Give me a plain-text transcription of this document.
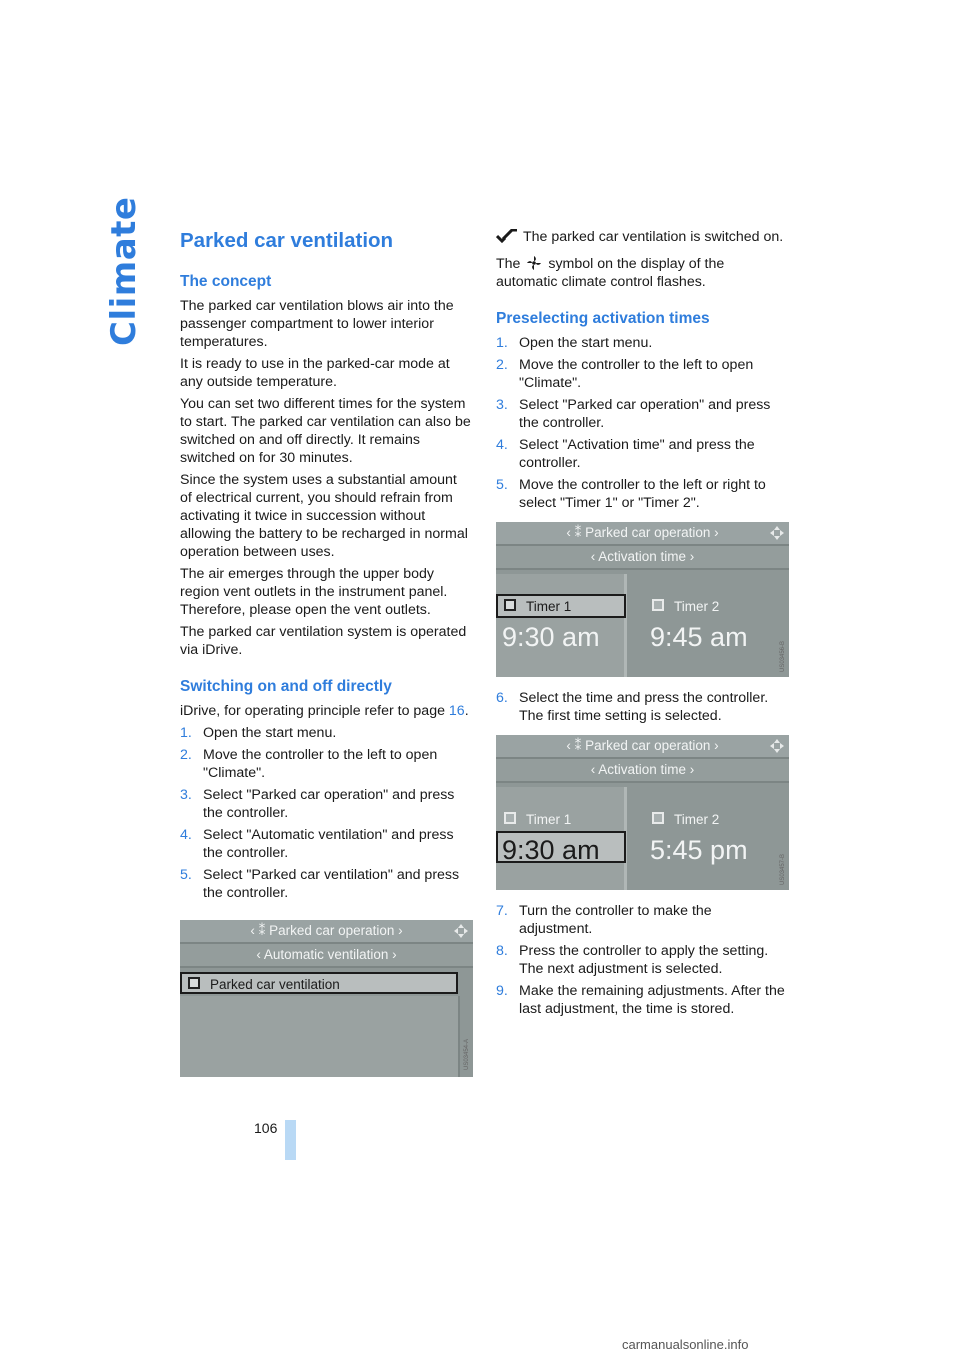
Climate Parked car ventilation
The concept

The parked car ventilation blows air into the passenger compartment to lower interior temperatures.

It is ready to use in the parked-car mode at any outside temperature.

You can set two different times for the system to start. The parked car ventilation can also be switched on and off directly. It remains switched on for 30 minutes.

Since the system uses a substantial amount of electrical current, you should refrain from activating it twice in succession without allowing the battery to be recharged in normal operation between uses.

The air emerges through the upper body region vent outlets in the instrument panel. Therefore, please open the vent outlets.

The parked car ventilation system is operated via iDrive.

Switching on and off directly

iDrive, for operating principle refer to page 16.

1. Open the start menu.
2. Move the controller to the left to open "Climate".
3. Select "Parked car operation" and press the controller.
4. Select "Automatic ventilation" and press the controller.
5. Select "Parked car ventilation" and press the controller.
‹ ⁑ Parked car operation ›
‹ Automatic ventilation ›
Parked car ventilation
US03454-A

The parked car ventilation is switched on.

The symbol on the display of the automatic climate control flashes.

Preselecting activation times
1. Open the start menu.
2. Move the controller to the left to open "Climate".
3. Select "Parked car operation" and press the controller.
4. Select "Activation time" and press the controller.
5. Move the controller to the left or right to select "Timer 1" or "Timer 2".
‹ ⁑ Parked car operation ›
‹ Activation time ›
Timer 1
9:30 am
Timer 2
9:45 am
US03456-B
6. Select the time and press the controller. The first time setting is selected.
‹ ⁑ Parked car operation ›
‹ Activation time ›
Timer 1
9:30 am
Timer 2
5:45 pm
US03457-B
7. Turn the controller to make the adjustment.
8. Press the controller to apply the setting. The next adjustment is selected.
9. Make the remaining adjustments. After the last adjustment, the time is stored.
106
carmanualsonline.info
